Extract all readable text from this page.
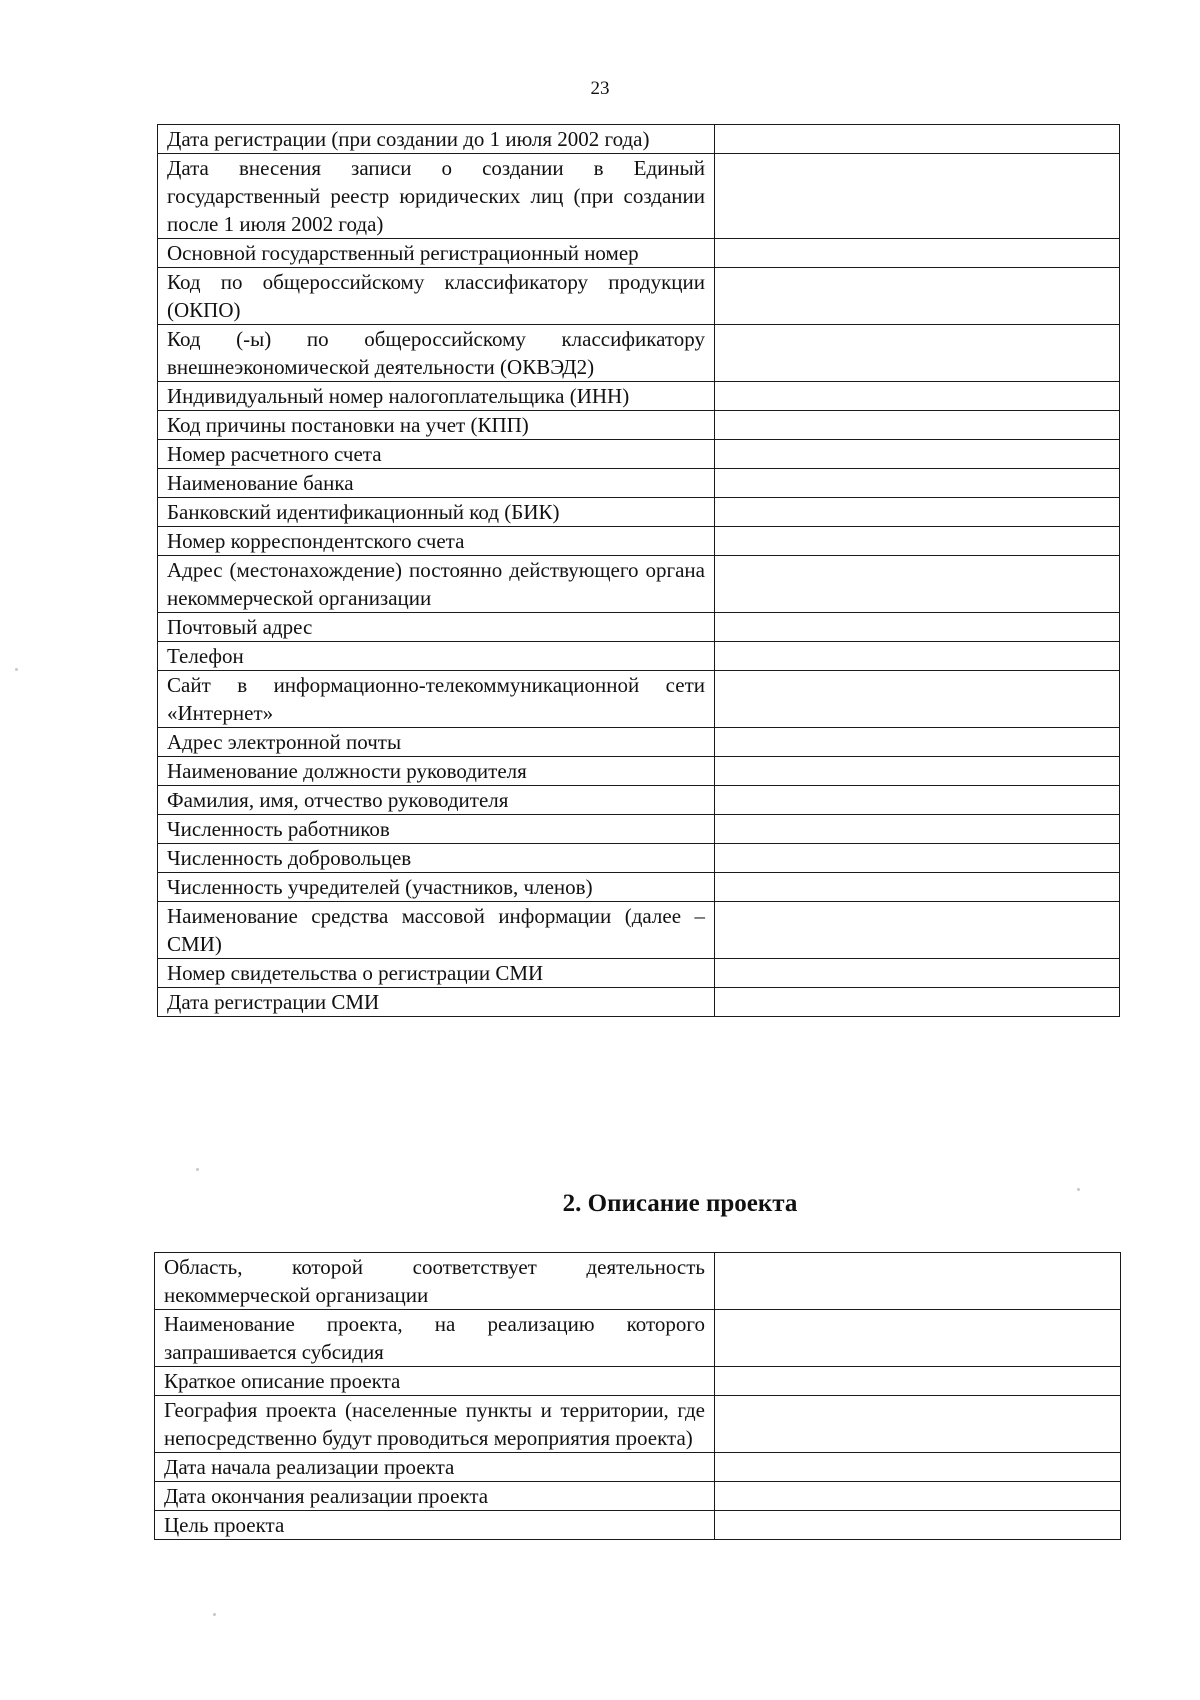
23
Дата регистрации (при создании до 1 июля 2002 года)	
Дата внесения записи о создании в Единый государственный реестр юридических лиц (при создании после 1 июля 2002 года)	
Основной государственный регистрационный номер	
Код по общероссийскому классификатору продукции (ОКПО)	
Код (-ы) по общероссийскому классификатору внешнеэкономической деятельности (ОКВЭД2)	
Индивидуальный номер налогоплательщика (ИНН)	
Код причины постановки на учет (КПП)	
Номер расчетного счета	
Наименование банка	
Банковский идентификационный код (БИК)	
Номер корреспондентского счета	
Адрес (местонахождение) постоянно действующего органа некоммерческой организации	
Почтовый адрес	
Телефон	
Сайт в информационно-телекоммуникационной сети «Интернет»	
Адрес электронной почты	
Наименование должности руководителя	
Фамилия, имя, отчество руководителя	
Численность работников	
Численность добровольцев	
Численность учредителей (участников, членов)	
Наименование средства массовой информации (далее – СМИ)	
Номер свидетельства о регистрации СМИ	
Дата регистрации СМИ	
2. Описание проекта
Область, которой соответствует деятельность некоммерческой организации	
Наименование проекта, на реализацию которого запрашивается субсидия	
Краткое описание проекта	
География проекта (населенные пункты и территории, где непосредственно будут проводиться мероприятия проекта)	
Дата начала реализации проекта	
Дата окончания реализации проекта	
Цель проекта	
